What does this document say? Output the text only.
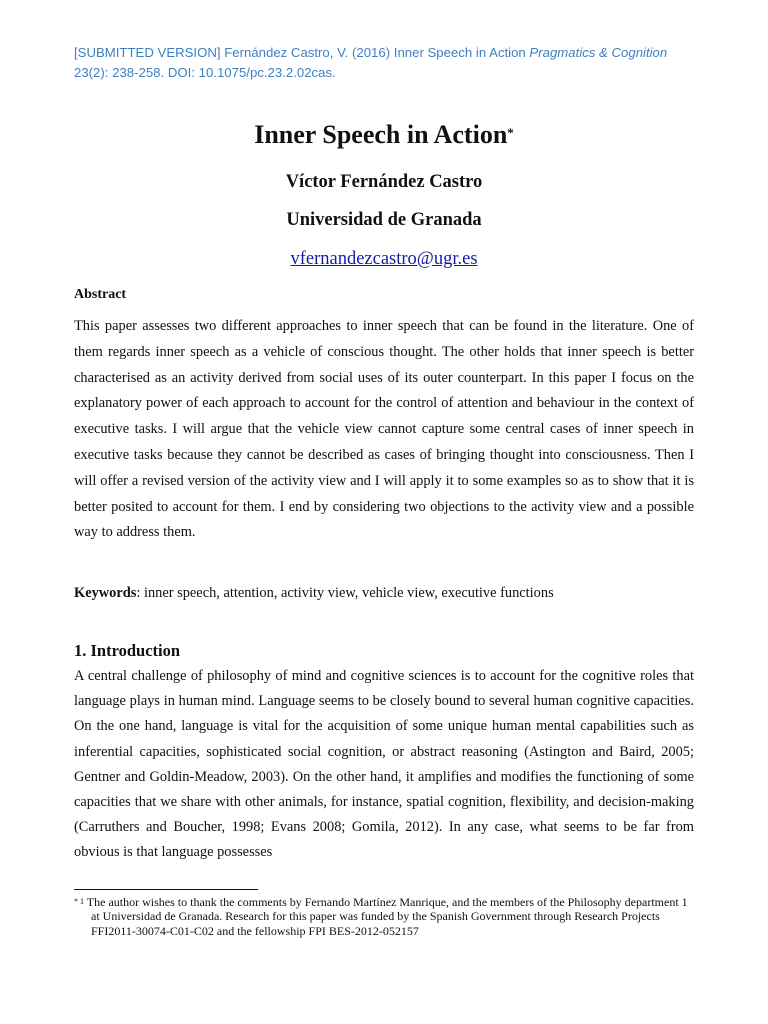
[SUBMITTED VERSION] Fernández Castro, V. (2016) Inner Speech in Action Pragmatics & Cognition 23(2): 238-258. DOI: 10.1075/pc.23.2.02cas.
Inner Speech in Action*
Víctor Fernández Castro
Universidad de Granada
vfernandezcastro@ugr.es
Abstract
This paper assesses two different approaches to inner speech that can be found in the literature. One of them regards inner speech as a vehicle of conscious thought. The other holds that inner speech is better characterised as an activity derived from social uses of its outer counterpart. In this paper I focus on the explanatory power of each approach to account for the control of attention and behaviour in the context of executive tasks. I will argue that the vehicle view cannot capture some central cases of inner speech in executive tasks because they cannot be described as cases of bringing thought into consciousness. Then I will offer a revised version of the activity view and I will apply it to some examples so as to show that it is better posited to account for them. I end by considering two objections to the activity view and a possible way to address them.
Keywords: inner speech, attention, activity view, vehicle view, executive functions
1. Introduction
A central challenge of philosophy of mind and cognitive sciences is to account for the cognitive roles that language plays in human mind. Language seems to be closely bound to several human cognitive capacities. On the one hand, language is vital for the acquisition of some unique human mental capabilities such as inferential capacities, sophisticated social cognition, or abstract reasoning (Astington and Baird, 2005; Gentner and Goldin-Meadow, 2003). On the other hand, it amplifies and modifies the functioning of some capacities that we share with other animals, for instance, spatial cognition, flexibility, and decision-making (Carruthers and Boucher, 1998; Evans 2008; Gomila, 2012). In any case, what seems to be far from obvious is that language possesses
$^{* 1}$ The author wishes to thank the comments by Fernando Martínez Manrique, and the members of the Philosophy department 1 at Universidad de Granada. Research for this paper was funded by the Spanish Government through Research Projects FFI2011-30074-C01-C02 and the fellowship FPI BES-2012-052157
